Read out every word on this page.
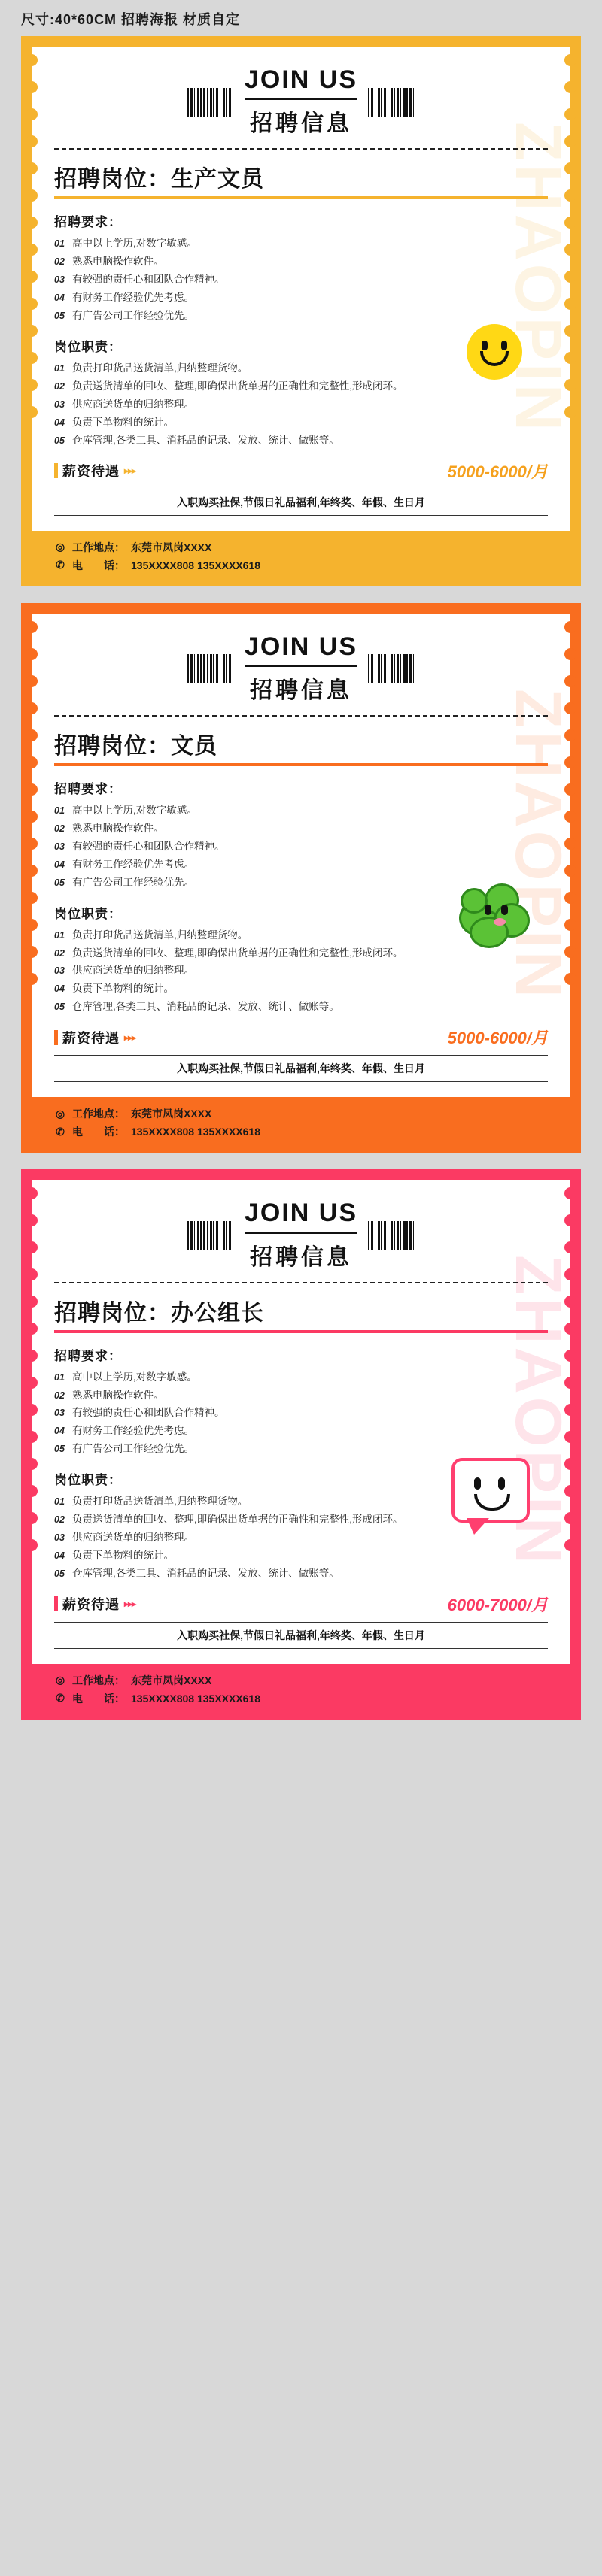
尺寸:40*60CM 招聘海报 材质自定
ZHAOPIN
JOIN US
招聘信息
招聘岗位：生产文员
招聘要求：
01 高中以上学历,对数字敏感。
02 熟悉电脑操作软件。
03 有较强的责任心和团队合作精神。
04 有财务工作经验优先考虑。
05 有广告公司工作经验优先。
岗位职责：
01 负责打印货品送货清单,归纳整理货物。
02 负责送货清单的回收、整理,即确保出货单据的正确性和完整性,形成闭环。
03 供应商送货单的归纳整理。
04 负责下单物料的统计。
05 仓库管理,各类工具、消耗品的记录、发放、统计、做账等。
薪资待遇 ▸▸▸	5000-6000/月
入职购买社保,节假日礼品福利,年终奖、年假、生日月
◎ 工作地点： 东莞市凤岗XXXX
✆ 电　　话： 135XXXX808 135XXXX618
ZHAOPIN
JOIN US
招聘信息
招聘岗位：文员
招聘要求：
01 高中以上学历,对数字敏感。
02 熟悉电脑操作软件。
03 有较强的责任心和团队合作精神。
04 有财务工作经验优先考虑。
05 有广告公司工作经验优先。
岗位职责：
01 负责打印货品送货清单,归纳整理货物。
02 负责送货清单的回收、整理,即确保出货单据的正确性和完整性,形成闭环。
03 供应商送货单的归纳整理。
04 负责下单物料的统计。
05 仓库管理,各类工具、消耗品的记录、发放、统计、做账等。
薪资待遇 ▸▸▸	5000-6000/月
入职购买社保,节假日礼品福利,年终奖、年假、生日月
◎ 工作地点： 东莞市凤岗XXXX
✆ 电　　话： 135XXXX808 135XXXX618
ZHAOPIN
JOIN US
招聘信息
招聘岗位：办公组长
招聘要求：
01 高中以上学历,对数字敏感。
02 熟悉电脑操作软件。
03 有较强的责任心和团队合作精神。
04 有财务工作经验优先考虑。
05 有广告公司工作经验优先。
岗位职责：
01 负责打印货品送货清单,归纳整理货物。
02 负责送货清单的回收、整理,即确保出货单据的正确性和完整性,形成闭环。
03 供应商送货单的归纳整理。
04 负责下单物料的统计。
05 仓库管理,各类工具、消耗品的记录、发放、统计、做账等。
薪资待遇 ▸▸▸	6000-7000/月
入职购买社保,节假日礼品福利,年终奖、年假、生日月
◎ 工作地点： 东莞市凤岗XXXX
✆ 电　　话： 135XXXX808 135XXXX618
